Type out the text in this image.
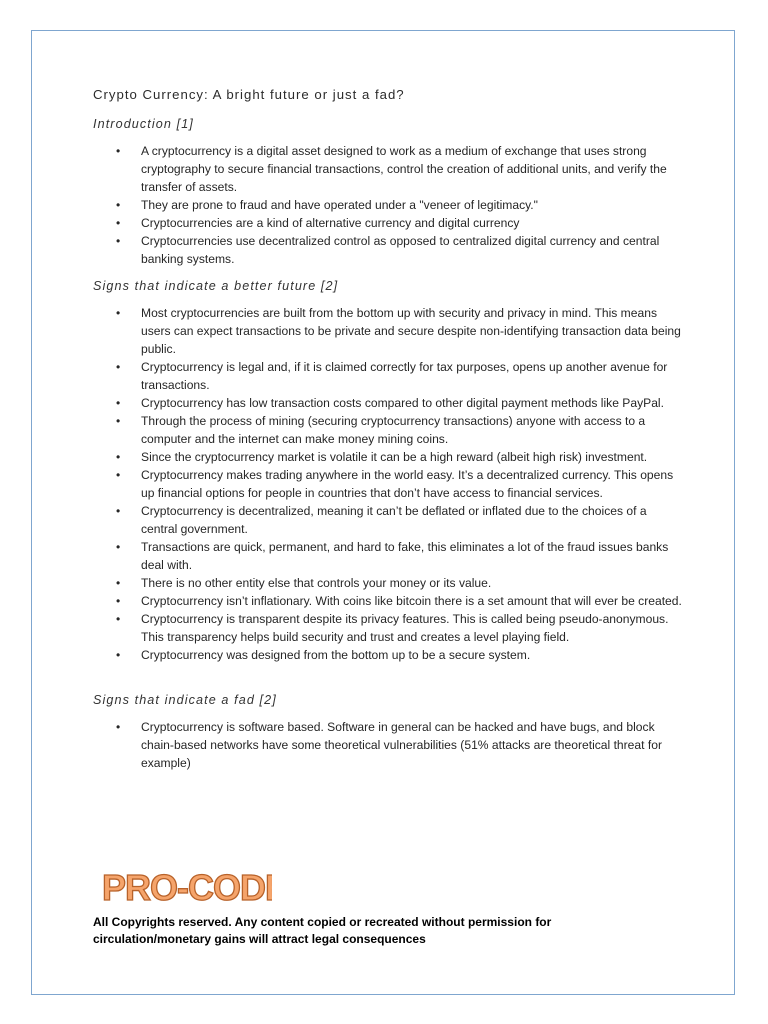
Crypto Currency: A bright future or just a fad?

Introduction [1]

• A cryptocurrency is a digital asset designed to work as a medium of exchange that uses strong cryptography to secure financial transactions, control the creation of additional units, and verify the transfer of assets.
• They are prone to fraud and have operated under a "veneer of legitimacy."
• Cryptocurrencies are a kind of alternative currency and digital currency
• Cryptocurrencies use decentralized control as opposed to centralized digital currency and central banking systems.

Signs that indicate a better future [2]

• Most cryptocurrencies are built from the bottom up with security and privacy in mind. This means users can expect transactions to be private and secure despite non-identifying transaction data being public.
• Cryptocurrency is legal and, if it is claimed correctly for tax purposes, opens up another avenue for transactions.
• Cryptocurrency has low transaction costs compared to other digital payment methods like PayPal.
• Through the process of mining (securing cryptocurrency transactions) anyone with access to a computer and the internet can make money mining coins.
• Since the cryptocurrency market is volatile it can be a high reward (albeit high risk) investment.
• Cryptocurrency makes trading anywhere in the world easy. It’s a decentralized currency. This opens up financial options for people in countries that don’t have access to financial services.
• Cryptocurrency is decentralized, meaning it can’t be deflated or inflated due to the choices of a central government.
• Transactions are quick, permanent, and hard to fake, this eliminates a lot of the fraud issues banks deal with.
• There is no other entity else that controls your money or its value.
• Cryptocurrency isn’t inflationary. With coins like bitcoin there is a set amount that will ever be created.
• Cryptocurrency is transparent despite its privacy features. This is called being pseudo-anonymous. This transparency helps build security and trust and creates a level playing field.
• Cryptocurrency was designed from the bottom up to be a secure system.

Signs that indicate a fad [2]

• Cryptocurrency is software based. Software in general can be hacked and have bugs, and block chain-based networks have some theoretical vulnerabilities (51% attacks are theoretical threat for example)
PRO-CODE
All Copyrights reserved. Any content copied or recreated without permission for circulation/monetary gains will attract legal consequences
